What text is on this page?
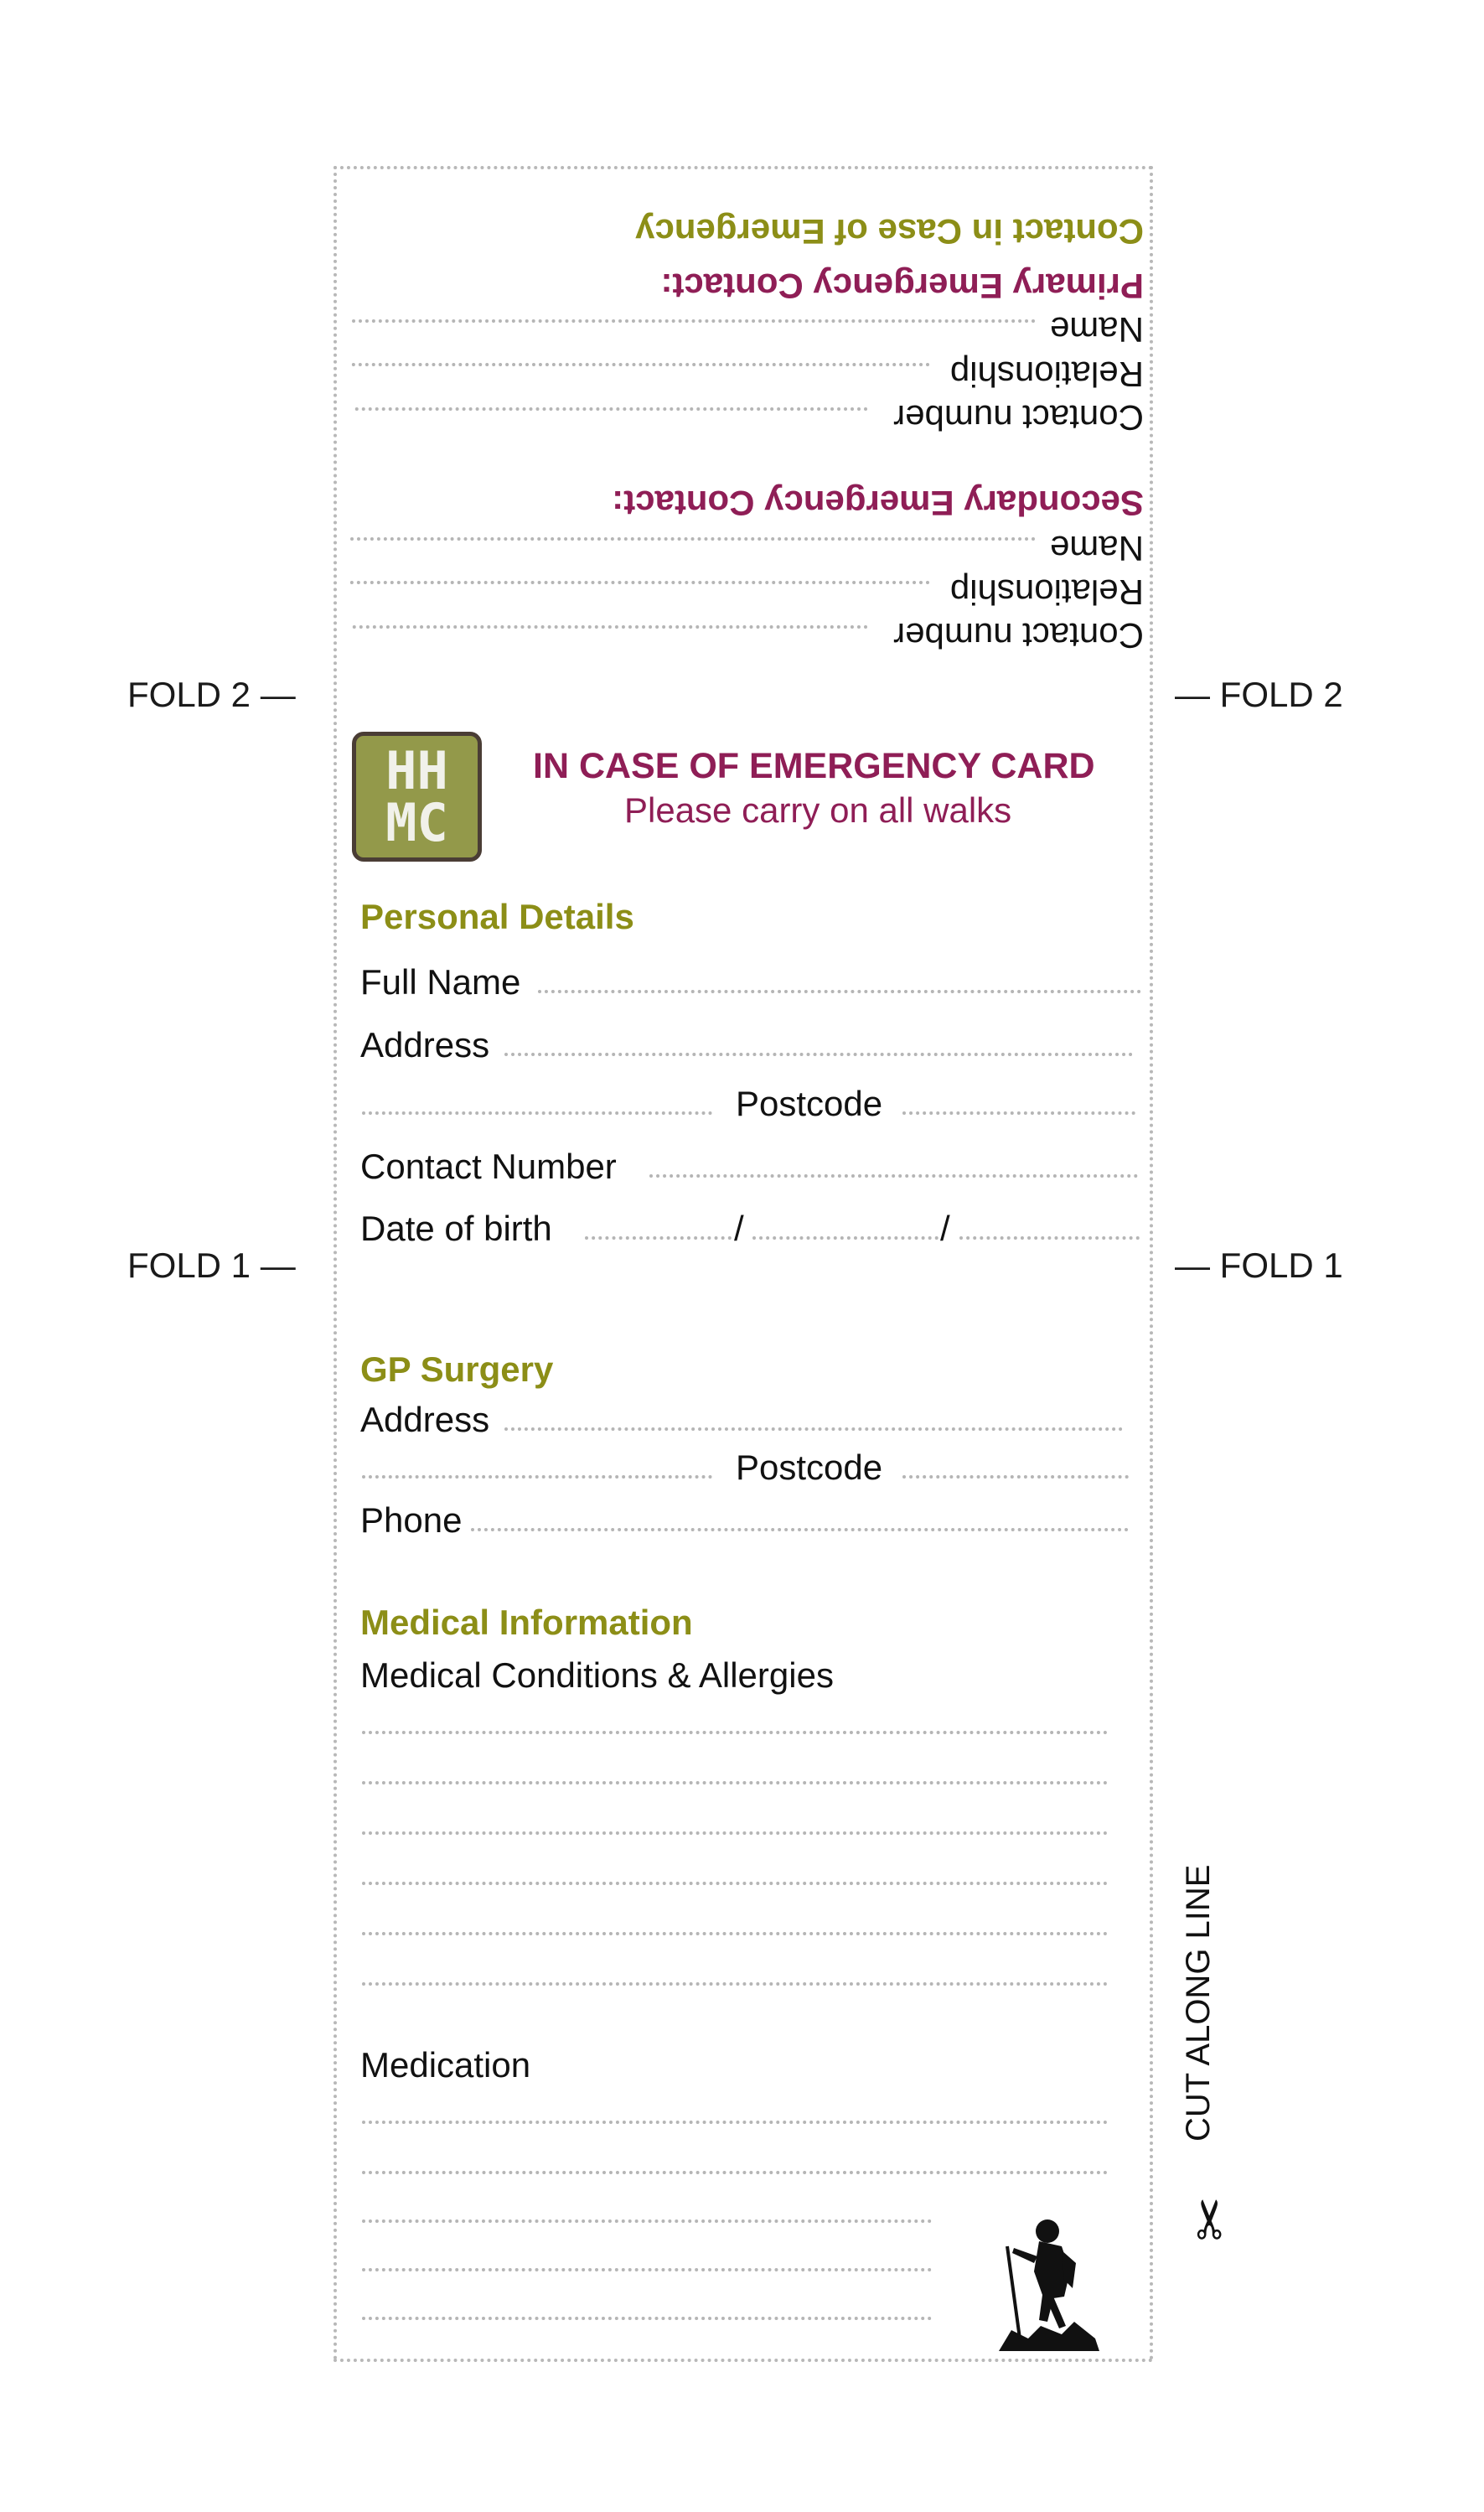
FOLD 2 —	— FOLD 2
FOLD 1 —	— FOLD 1
Contact number
Relationship
Name
Secondary Emergency Contact:
Contact number
Relationship
Name
Primary Emergency Contact:
Contact in Case of Emergency
HH
MC
IN CASE OF EMERGENCY CARD
Please carry on all walks
Personal Details
Full Name
Address
Postcode
Contact Number
Date of birth	/	/
GP Surgery
Address
Postcode
Phone
Medical Information
Medical Conditions & Allergies
Medication	CUT ALONG LINE
✂
